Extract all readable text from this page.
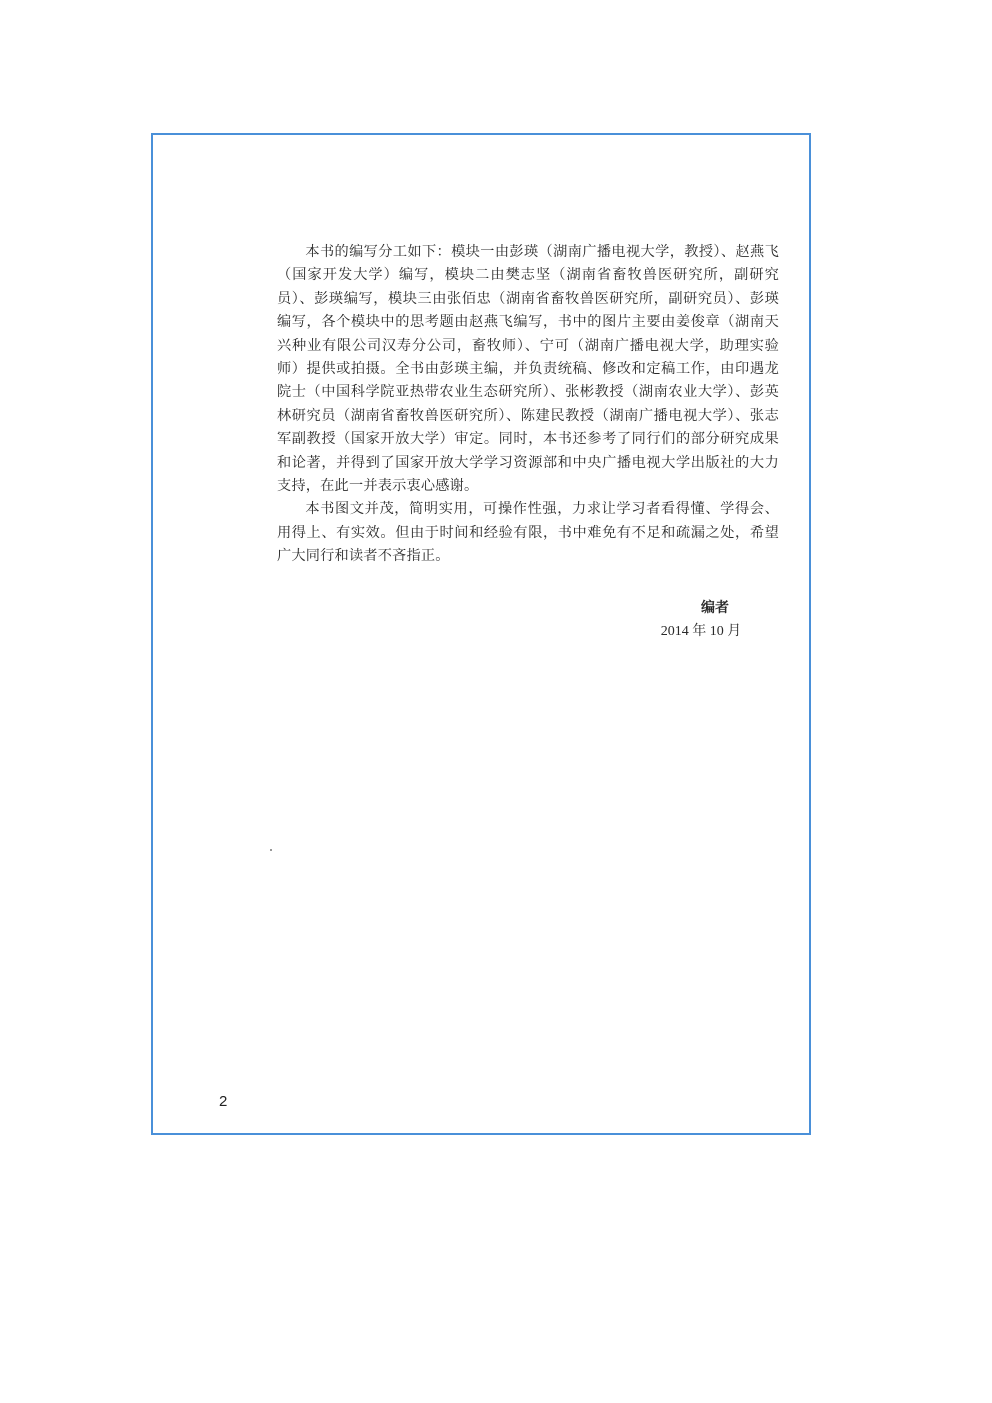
本书的编写分工如下：模块一由彭瑛（湖南广播电视大学，教授）、赵燕飞（国家开发大学）编写，模块二由樊志坚（湖南省畜牧兽医研究所，副研究员）、彭瑛编写，模块三由张佰忠（湖南省畜牧兽医研究所，副研究员）、彭瑛编写，各个模块中的思考题由赵燕飞编写，书中的图片主要由姜俊章（湖南天兴种业有限公司汉寿分公司，畜牧师）、宁可（湖南广播电视大学，助理实验师）提供或拍摄。全书由彭瑛主编，并负责统稿、修改和定稿工作，由印遇龙院士（中国科学院亚热带农业生态研究所）、张彬教授（湖南农业大学）、彭英林研究员（湖南省畜牧兽医研究所）、陈建民教授（湖南广播电视大学）、张志军副教授（国家开放大学）审定。同时，本书还参考了同行们的部分研究成果和论著，并得到了国家开放大学学习资源部和中央广播电视大学出版社的大力支持，在此一并表示衷心感谢。

本书图文并茂，简明实用，可操作性强，力求让学习者看得懂、学得会、用得上、有实效。但由于时间和经验有限，书中难免有不足和疏漏之处，希望广大同行和读者不吝指正。

编者
2014 年 10 月
2
